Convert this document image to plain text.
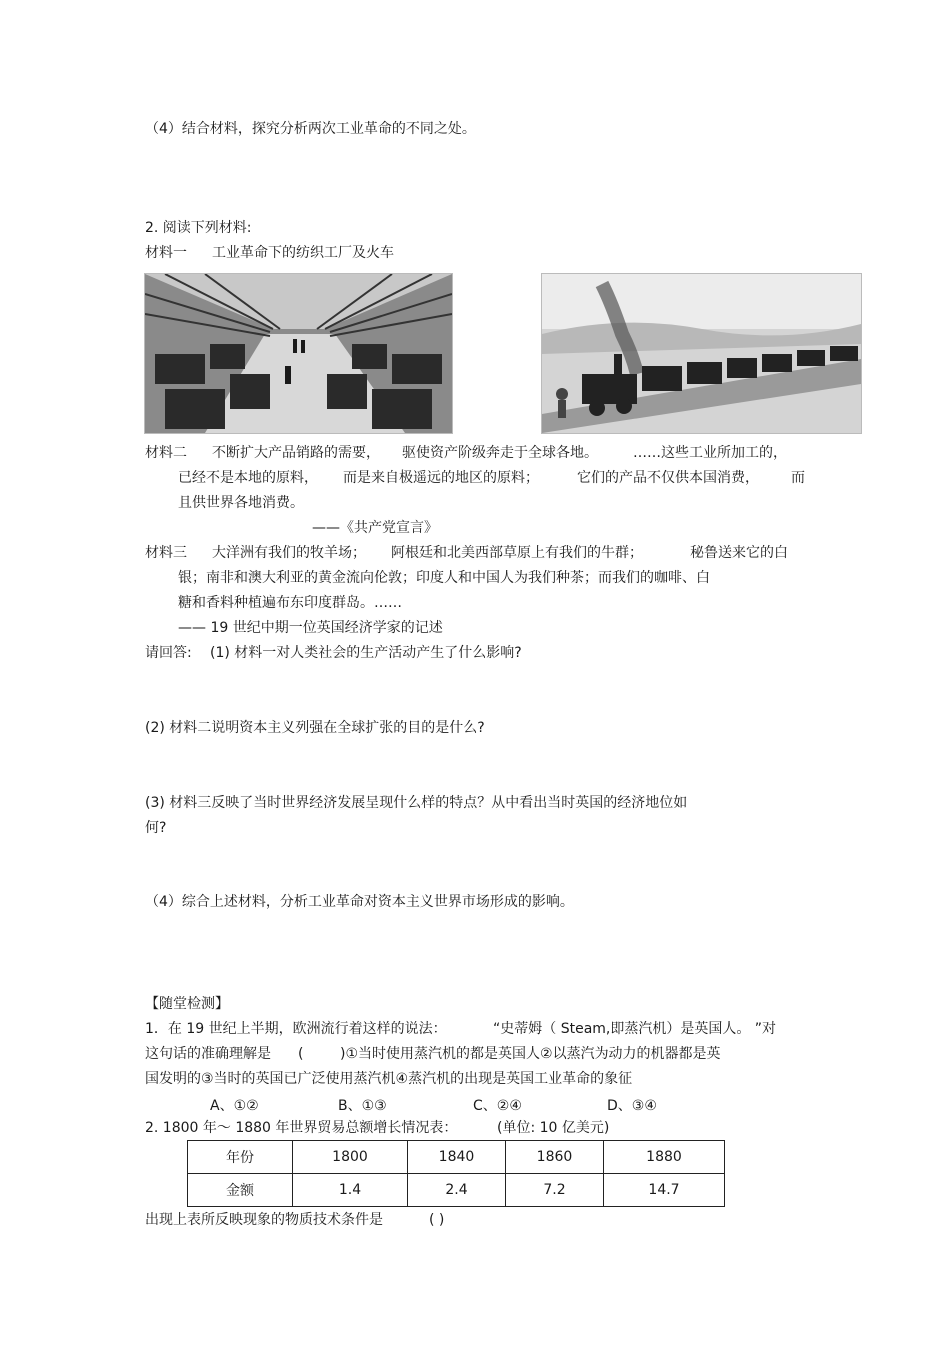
（4）结合材料，探究分析两次工业革命的不同之处。
2. 阅读下列材料:
材料一 工业革命下的纺织工厂及火车
材料二 不断扩大产品销路的需要， 驱使资产阶级奔走于全球各地。	……这些工业所加工的，
已经不是本地的原料， 而是来自极遥远的地区的原料；	它们的产品不仅供本国消费， 而
且供世界各地消费。
——《共产党宣言》
材料三 大洋洲有我们的牧羊场； 阿根廷和北美西部草原上有我们的牛群；	秘鲁送来它的白
银；南非和澳大利亚的黄金流向伦敦；印度人和中国人为我们种茶；而我们的咖啡、白
糖和香料种植遍布东印度群岛。……
—— 19 世纪中期一位英国经济学家的记述
请回答: (1) 材料一对人类社会的生产活动产生了什么影响?
(2) 材料二说明资本主义列强在全球扩张的目的是什么?
(3) 材料三反映了当时世界经济发展呈现什么样的特点？从中看出当时英国的经济地位如
何?
（4）综合上述材料，分析工业革命对资本主义世界市场形成的影响。
【随堂检测】
1．在 19 世纪上半期，欧洲流行着这样的说法：	“史蒂姆（ Steam,即蒸汽机）是英国人。 ”对
这句话的准确理解是 (	)①当时使用蒸汽机的都是英国人②以蒸汽为动力的机器都是英
国发明的③当时的英国已广泛使用蒸汽机④蒸汽机的出现是英国工业革命的象征
A、①②	B、①③	C、②④	D、③④
2. 1800 年～ 1880 年世界贸易总额增长情况表：	(单位: 10 亿美元)
年份	1800	1840	1860	1880
金额	1.4	2.4	7.2	14.7
出现上表所反映现象的物质技术条件是	( )
